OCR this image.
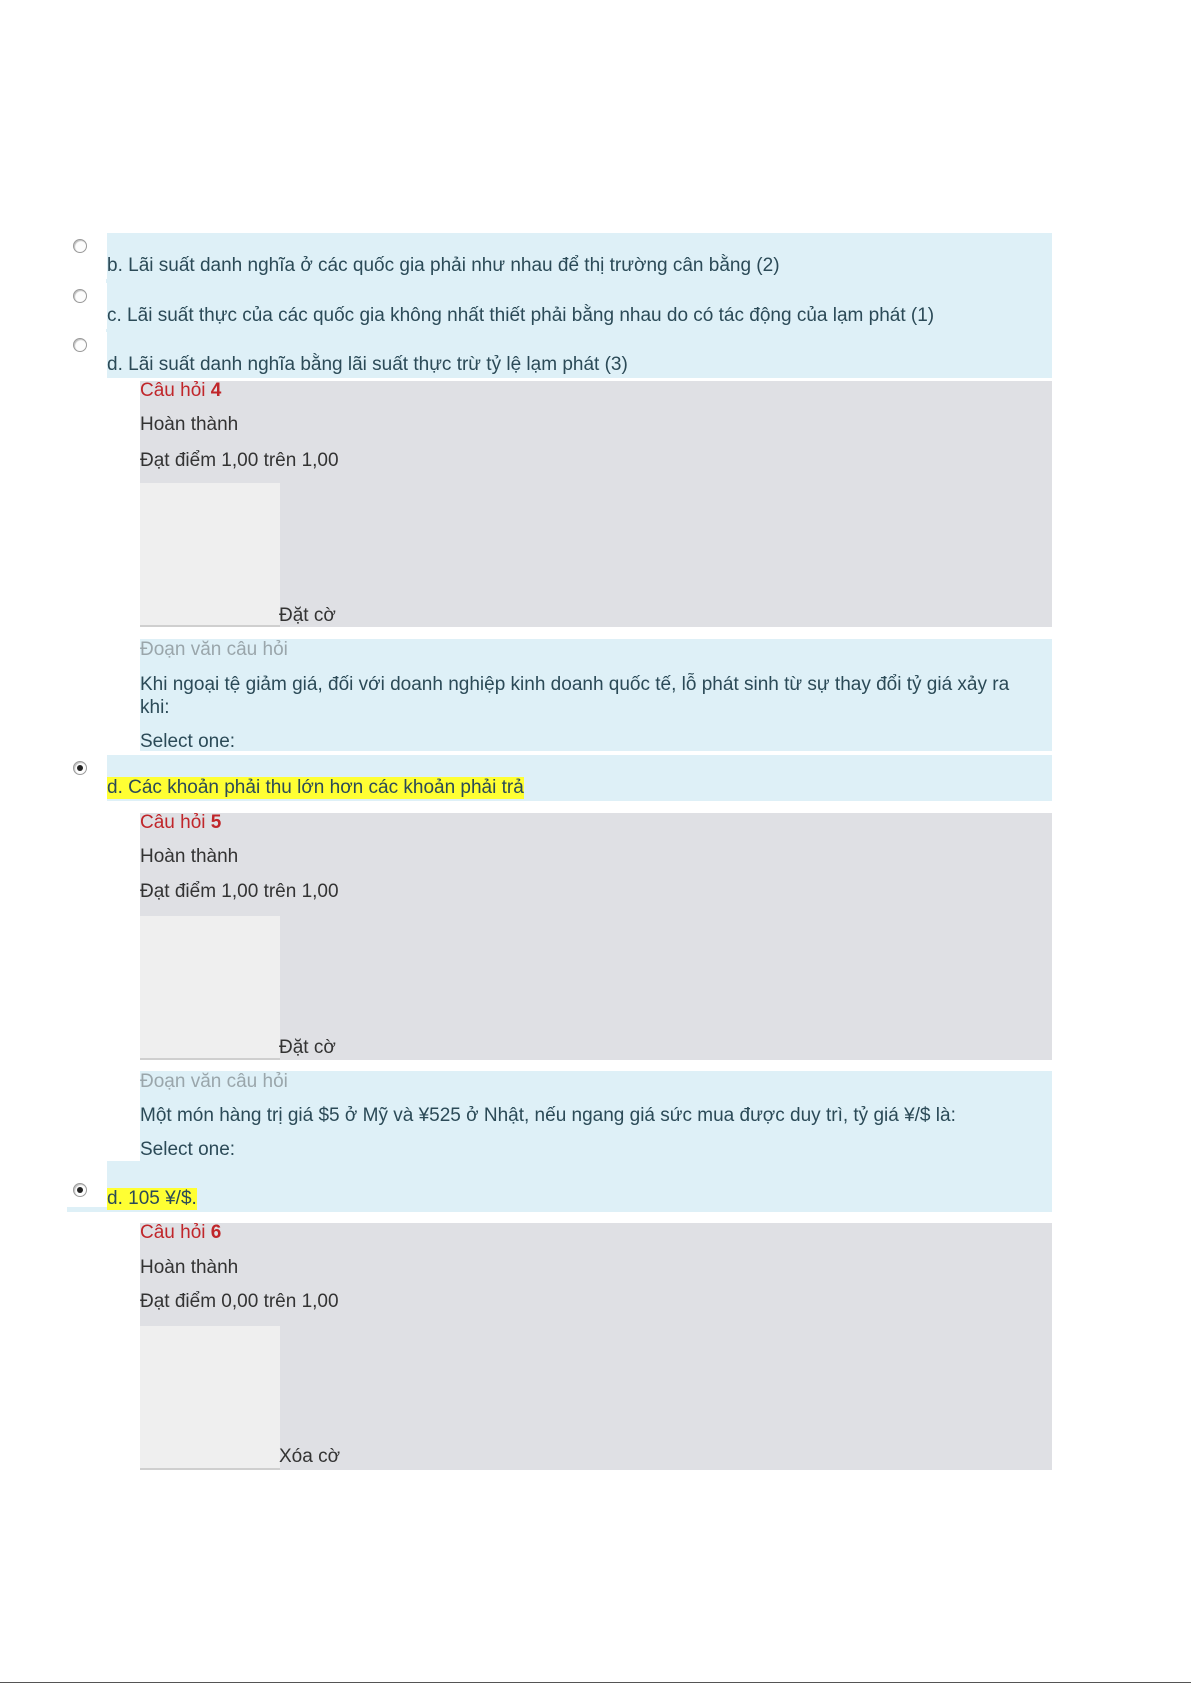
b. Lãi suất danh nghĩa ở các quốc gia phải như nhau để thị trường cân bằng (2)
c. Lãi suất thực của các quốc gia không nhất thiết phải bằng nhau do có tác động của lạm phát (1)
d. Lãi suất danh nghĩa bằng lãi suất thực trừ tỷ lệ lạm phát (3)
Câu hỏi 4
Hoàn thành
Đạt điểm 1,00 trên 1,00
Đặt cờ
Đoạn văn câu hỏi
Khi ngoại tệ giảm giá, đối với doanh nghiệp kinh doanh quốc tế, lỗ phát sinh từ sự thay đổi tỷ giá xảy ra khi:
Select one:
d. Các khoản phải thu lớn hơn các khoản phải trả
Câu hỏi 5
Hoàn thành
Đạt điểm 1,00 trên 1,00
Đặt cờ
Đoạn văn câu hỏi
Một món hàng trị giá $5 ở Mỹ và ¥525 ở Nhật, nếu ngang giá sức mua được duy trì, tỷ giá ¥/$ là:
Select one:
d. 105 ¥/$.
Câu hỏi 6
Hoàn thành
Đạt điểm 0,00 trên 1,00
Xóa cờ
